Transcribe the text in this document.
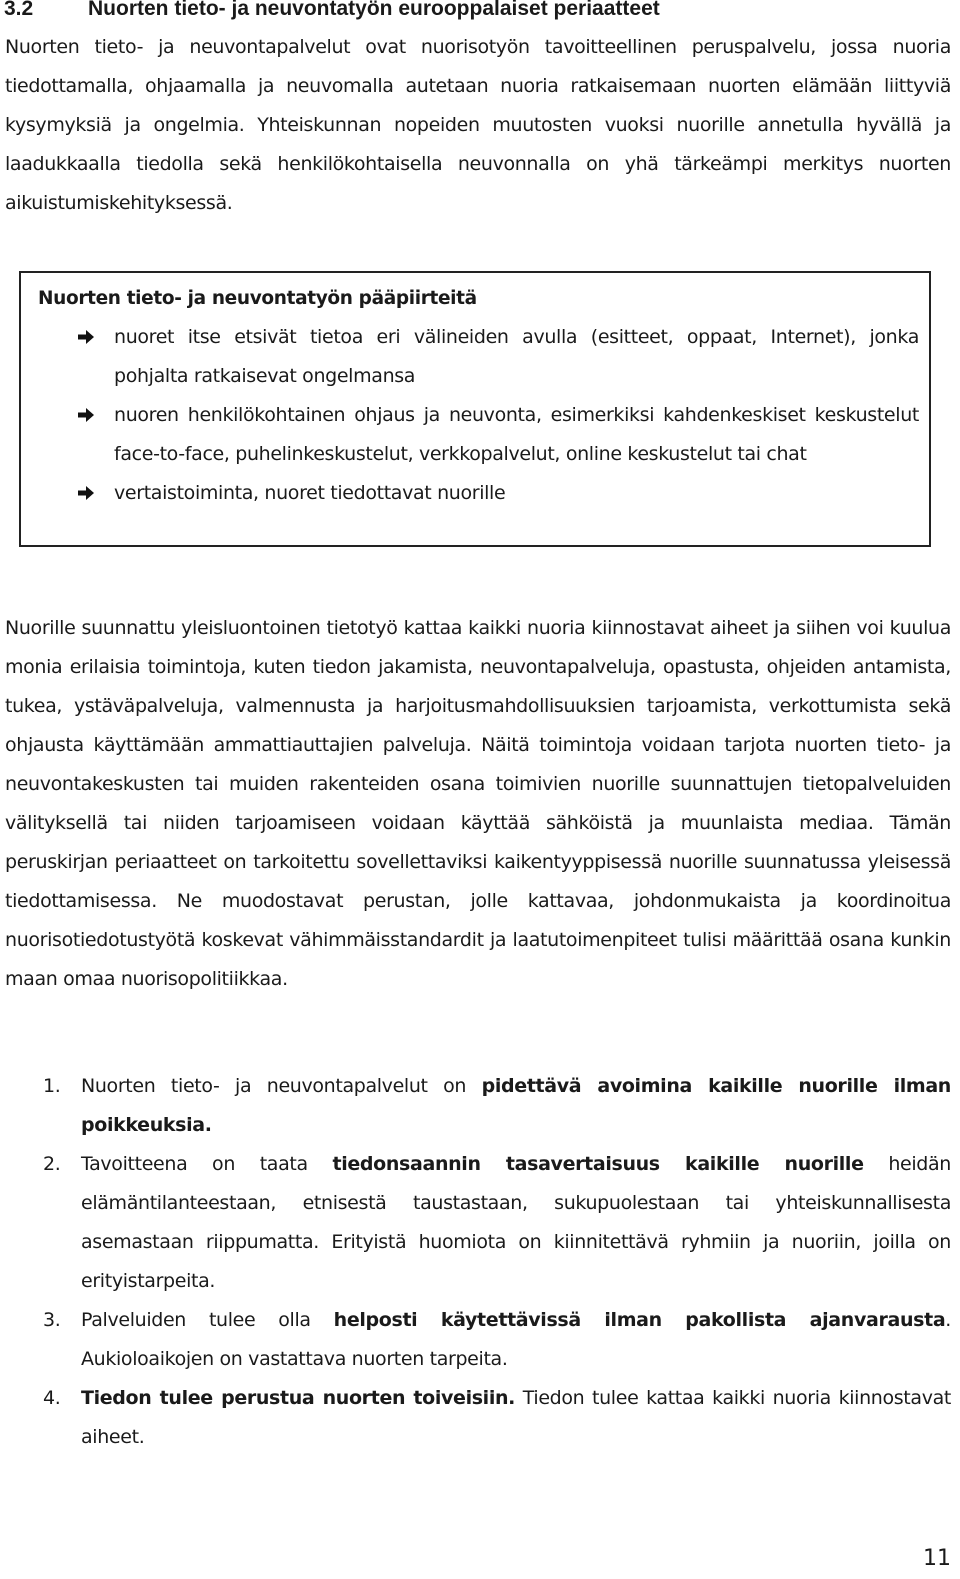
3.2	Nuorten tieto- ja neuvontatyön eurooppalaiset periaatteet

Nuorten tieto- ja neuvontapalvelut ovat nuorisotyön tavoitteellinen peruspalvelu, jossa nuoria tiedottamalla, ohjaamalla ja neuvomalla autetaan nuoria ratkaisemaan nuorten elämään liittyviä kysymyksiä ja ongelmia. Yhteiskunnan nopeiden muutosten vuoksi nuorille annetulla hyvällä ja laadukkaalla tiedolla sekä henkilökohtaisella neuvonnalla on yhä tärkeämpi merkitys nuorten aikuistumiskehityksessä.

Nuorten tieto- ja neuvontatyön pääpiirteitä

nuoret itse etsivät tietoa eri välineiden avulla (esitteet, oppaat, Internet), jonka pohjalta ratkaisevat ongelmansa
nuoren henkilökohtainen ohjaus ja neuvonta, esimerkiksi kahdenkeskiset keskustelut face-to-face, puhelinkeskustelut, verkkopalvelut, online keskustelut tai chat
vertaistoiminta, nuoret tiedottavat nuorille

Nuorille suunnattu yleisluontoinen tietotyö kattaa kaikki nuoria kiinnostavat aiheet ja siihen voi kuulua monia erilaisia toimintoja, kuten tiedon jakamista, neuvontapalveluja, opastusta, ohjeiden antamista, tukea, ystäväpalveluja, valmennusta ja harjoitusmahdollisuuksien tarjoamista, verkottumista sekä ohjausta käyttämään ammattiauttajien palveluja. Näitä toimintoja voidaan tarjota nuorten tieto- ja neuvontakeskusten tai muiden rakenteiden osana toimivien nuorille suunnattujen tietopalveluiden välityksellä tai niiden tarjoamiseen voidaan käyttää sähköistä ja muunlaista mediaa. Tämän peruskirjan periaatteet on tarkoitettu sovellettaviksi kaikentyyppisessä nuorille suunnatussa yleisessä tiedottamisessa. Ne muodostavat perustan, jolle kattavaa, johdonmukaista ja koordinoitua nuorisotiedotustyötä koskevat vähimmäisstandardit ja laatutoimenpiteet tulisi määrittää osana kunkin maan omaa nuorisopolitiikkaa.

1. Nuorten tieto- ja neuvontapalvelut on pidettävä avoimina kaikille nuorille ilman poikkeuksia.
2. Tavoitteena on taata tiedonsaannin tasavertaisuus kaikille nuorille heidän elämäntilanteestaan, etnisestä taustastaan, sukupuolestaan tai yhteiskunnallisesta asemastaan riippumatta. Erityistä huomiota on kiinnitettävä ryhmiin ja nuoriin, joilla on erityistarpeita.
3. Palveluiden tulee olla helposti käytettävissä ilman pakollista ajanvarausta. Aukioloaikojen on vastattava nuorten tarpeita.
4. Tiedon tulee perustua nuorten toiveisiin. Tiedon tulee kattaa kaikki nuoria kiinnostavat aiheet.
11
